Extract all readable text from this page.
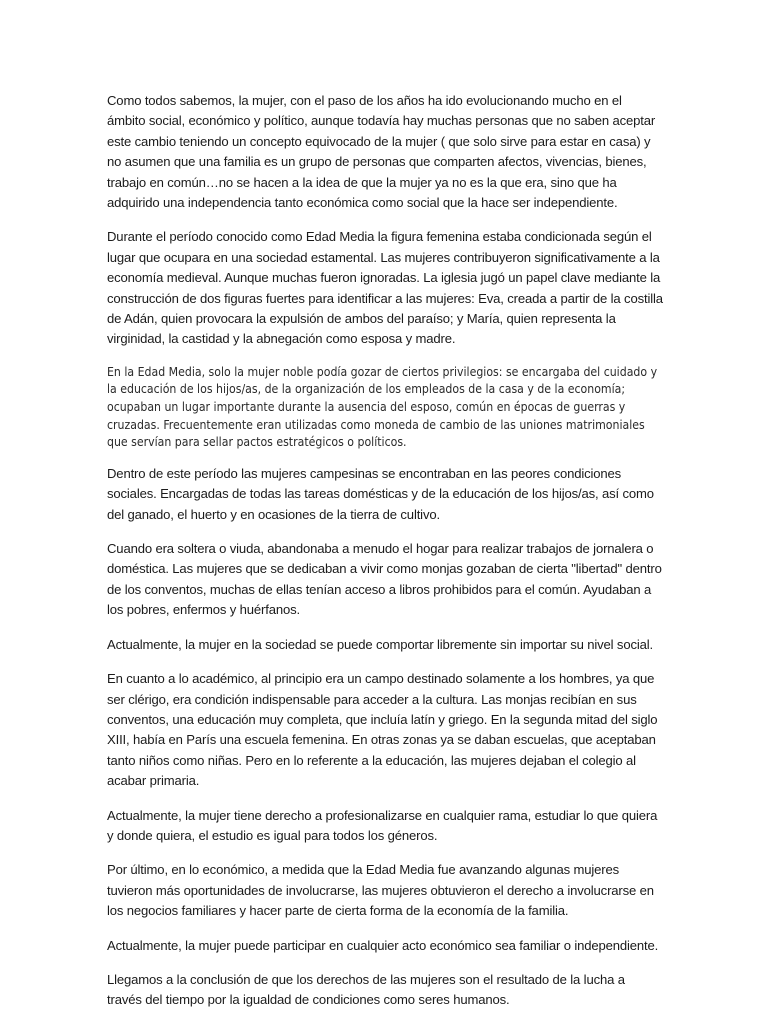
Como todos sabemos, la mujer, con el paso de los años ha ido evolucionando mucho en el ámbito social, económico y político, aunque todavía hay muchas personas que no saben aceptar este cambio teniendo un concepto equivocado de la mujer ( que solo sirve para estar en casa) y no asumen que una familia es un grupo de personas que comparten afectos, vivencias, bienes, trabajo en común…no se hacen a la idea de que la mujer ya no es la que era, sino que ha adquirido una independencia tanto económica como social que la hace ser independiente.

Durante el período conocido como Edad Media la figura femenina estaba condicionada según el lugar que ocupara en una sociedad estamental. Las mujeres contribuyeron significativamente a la economía medieval. Aunque muchas fueron ignoradas. La iglesia jugó un papel clave mediante la construcción de dos figuras fuertes para identificar a las mujeres: Eva, creada a partir de la costilla de Adán, quien provocara la expulsión de ambos del paraíso; y María, quien representa la virginidad, la castidad y la abnegación como esposa y madre.

En la Edad Media, solo la mujer noble podía gozar de ciertos privilegios: se encargaba del cuidado y la educación de los hijos/as, de la organización de los empleados de la casa y de la economía; ocupaban un lugar importante durante la ausencia del esposo, común en épocas de guerras y cruzadas. Frecuentemente eran utilizadas como moneda de cambio de las uniones matrimoniales que servían para sellar pactos estratégicos o políticos.

Dentro de este período las mujeres campesinas se encontraban en las peores condiciones sociales. Encargadas de todas las tareas domésticas y de la educación de los hijos/as, así como del ganado, el huerto y en ocasiones de la tierra de cultivo.

Cuando era soltera o viuda, abandonaba a menudo el hogar para realizar trabajos de jornalera o doméstica. Las mujeres que se dedicaban a vivir como monjas gozaban de cierta "libertad" dentro de los conventos, muchas de ellas tenían acceso a libros prohibidos para el común. Ayudaban a los pobres, enfermos y huérfanos.

Actualmente, la mujer en la sociedad se puede comportar libremente sin importar su nivel social.

En cuanto a lo académico, al principio era un campo destinado solamente a los hombres, ya que ser clérigo, era condición indispensable para acceder a la cultura. Las monjas recibían en sus conventos, una educación muy completa, que incluía latín y griego. En la segunda mitad del siglo XIII, había en París una escuela femenina. En otras zonas ya se daban escuelas, que aceptaban tanto niños como niñas. Pero en lo referente a la educación, las mujeres dejaban el colegio al acabar primaria.

Actualmente, la mujer tiene derecho a profesionalizarse en cualquier rama, estudiar lo que quiera y donde quiera, el estudio es igual para todos los géneros.

Por último, en lo económico, a medida que la Edad Media fue avanzando algunas mujeres tuvieron más oportunidades de involucrarse, las mujeres obtuvieron el derecho a involucrarse en los negocios familiares y hacer parte de cierta forma de la economía de la familia.

Actualmente, la mujer puede participar en cualquier acto económico sea familiar o independiente.

Llegamos a la conclusión de que los derechos de las mujeres son el resultado de la lucha a través del tiempo por la igualdad de condiciones como seres humanos.
